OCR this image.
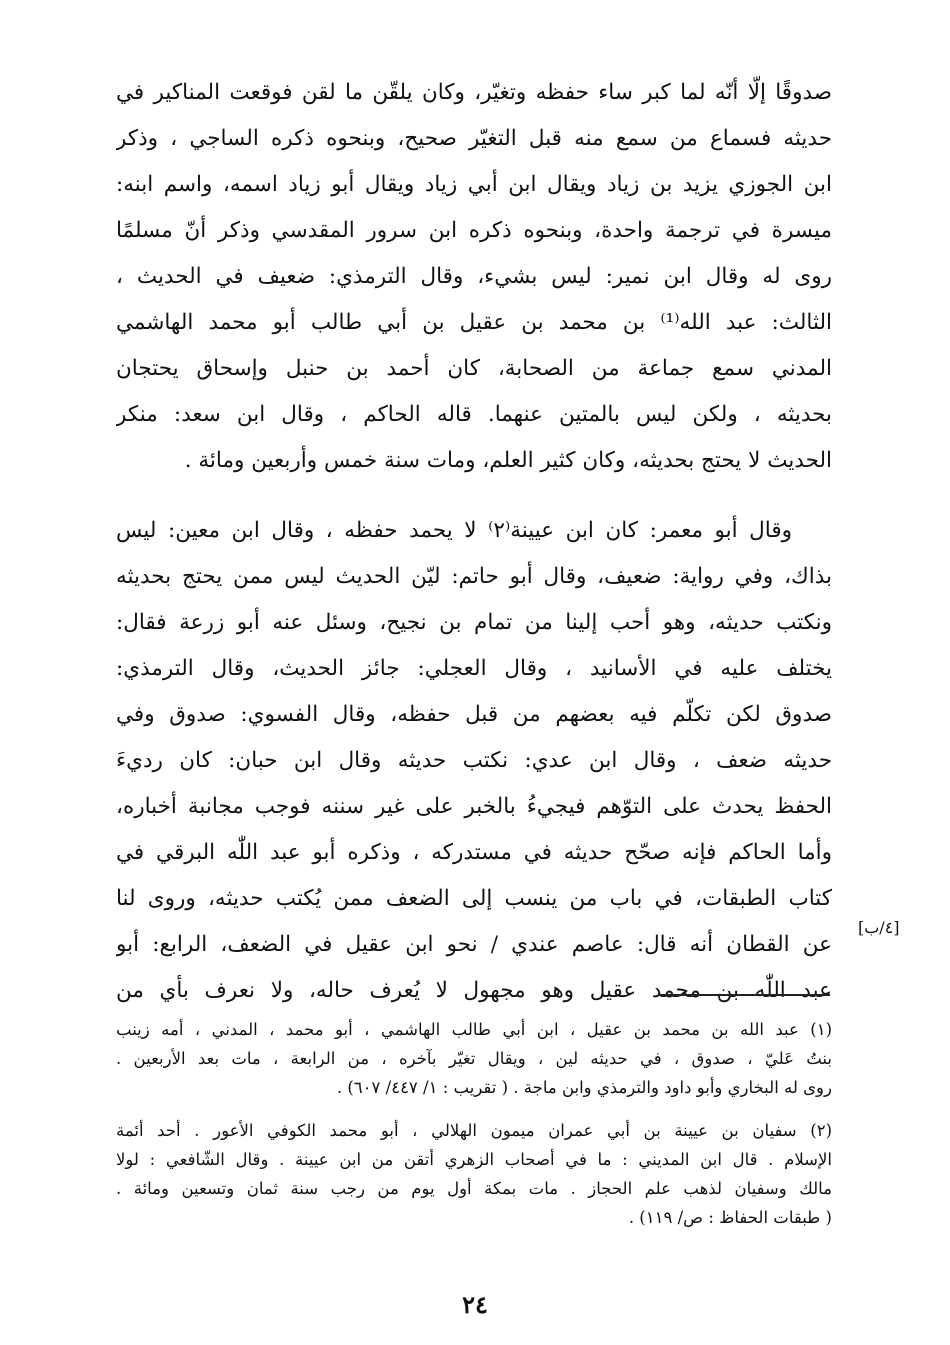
صدوقًا إلّا أنّه لما كبر ساء حفظه وتغيّر، وكان يلقّن ما لقن فوقعت المناكير في
حديثه فسماع من سمع منه قبل التغيّر صحيح، وبنحوه ذكره الساجي ، وذكر
ابن الجوزي يزيد بن زياد ويقال ابن أبي زياد ويقال أبو زياد اسمه، واسم ابنه:
ميسرة في ترجمة واحدة، وبنحوه ذكره ابن سرور المقدسي وذكر أنّ مسلمًا
روى له وقال ابن نمير: ليس بشيء، وقال الترمذي: ضعيف في الحديث ،
الثالث: عبد الله⁽¹⁾ بن محمد بن عقيل بن أبي طالب أبو محمد الهاشمي
المدني سمع جماعة من الصحابة، كان أحمد بن حنبل وإسحاق يحتجان
بحديثه ، ولكن ليس بالمتين عنهما. قاله الحاكم ، وقال ابن سعد: منكر
الحديث لا يحتج بحديثه، وكان كثير العلم، ومات سنة خمس وأربعين ومائة .
وقال أبو معمر: كان ابن عيينة⁽٢⁾ لا يحمد حفظه ، وقال ابن معين: ليس
بذاك، وفي رواية: ضعيف، وقال أبو حاتم: ليّن الحديث ليس ممن يحتج بحديثه
ونكتب حديثه، وهو أحب إلينا من تمام بن نجيح، وسئل عنه أبو زرعة فقال:
يختلف عليه في الأسانيد ، وقال العجلي: جائز الحديث، وقال الترمذي:
صدوق لكن تكلّم فيه بعضهم من قبل حفظه، وقال الفسوي: صدوق وفي
حديثه ضعف ، وقال ابن عدي: نكتب حديثه وقال ابن حبان: كان رديءَ
الحفظ يحدث على التوّهم فيجيءُ بالخبر على غير سننه فوجب مجانبة أخباره،
وأما الحاكم فإنه صحّح حديثه في مستدركه ، وذكره أبو عبد اللّٰه البرقي في
كتاب الطبقات، في باب من ينسب إلى الضعف ممن يُكتب حديثه، وروى لنا
عن القطان أنه قال: عاصم عندي / نحو ابن عقيل في الضعف، الرابع: أبو
عبد اللّٰه بن محمد عقيل وهو مجهول لا يُعرف حاله، ولا نعرف بأي من
[٤/ب]
(١) عبد الله بن محمد بن عقيل ، ابن أبي طالب الهاشمي ، أبو محمد ، المدني ، أمه زينب
بنتُ عَليّ ، صدوق ، في حديثه لين ، ويقال تغيّر بآخره ، من الرابعة ، مات بعد الأربعين .
روى له البخاري وأبو داود والترمذي وابن ماجة . ( تقريب : ١/ ٤٤٧/ ٦٠٧) .
(٢) سفيان بن عيينة بن أبي عمران ميمون الهلالي ، أبو محمد الكوفي الأعور . أحد أئمة
الإسلام . قال ابن المديني : ما في أصحاب الزهري أتقن من ابن عيينة . وقال الشّافعي : لولا
مالك وسفيان لذهب علم الحجاز . مات بمكة أول يوم من رجب سنة ثمان وتسعين ومائة .
( طبقات الحفاظ : ص/ ١١٩) .
٢٤
